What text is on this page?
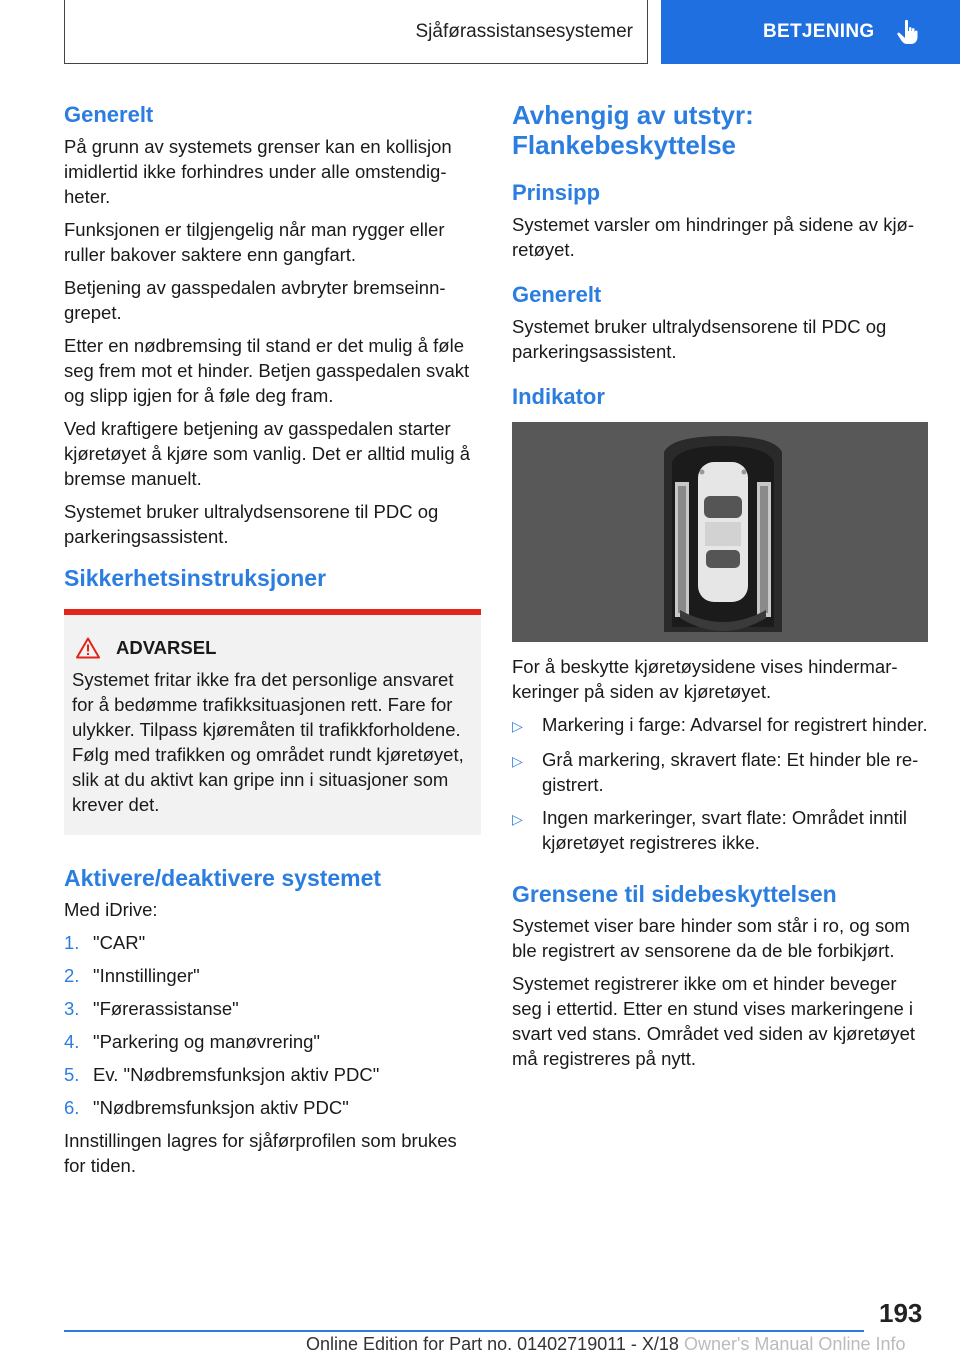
Sjåførassistansesystemer	BETJENING
Generelt

På grunn av systemets grenser kan en kollisjon imidlertid ikke forhindres under alle omstendigheter.

Funksjonen er tilgjengelig når man rygger eller ruller bakover saktere enn gangfart.

Betjening av gasspedalen avbryter bremseinngrepet.

Etter en nødbremsing til stand er det mulig å føle seg frem mot et hinder. Betjen gasspedalen svakt og slipp igjen for å føle deg fram.

Ved kraftigere betjening av gasspedalen starter kjøretøyet å kjøre som vanlig. Det er alltid mulig å bremse manuelt.

Systemet bruker ultralydsensorene til PDC og parkeringsassistent.

Sikkerhetsinstruksjoner
ADVARSEL

Systemet fritar ikke fra det personlige ansvaret for å bedømme trafikksituasjonen rett. Fare for ulykker. Tilpass kjøremåten til trafikkforholdene. Følg med trafikken og området rundt kjøretøyet, slik at du aktivt kan gripe inn i situasjoner som krever det.

Aktivere/deaktivere systemet

Med iDrive:

1. "CAR"
2. "Innstillinger"
3. "Førerassistanse"
4. "Parkering og manøvrering"
5. Ev. "Nødbremsfunksjon aktiv PDC"
6. "Nødbremsfunksjon aktiv PDC"

Innstillingen lagres for sjåførprofilen som brukes for tiden.

Avhengig av utstyr: Flankebeskyttelse
Prinsipp

Systemet varsler om hindringer på sidene av kjøretøyet.

Generelt

Systemet bruker ultralydsensorene til PDC og parkeringsassistent.

Indikator

For å beskytte kjøretøysidene vises hindermarkeringer på siden av kjøretøyet.

▷	Markering i farge: Advarsel for registrert hinder.
▷	Grå markering, skravert flate: Et hinder ble registrert.
▷	Ingen markeringer, svart flate: Området inntil kjøretøyet registreres ikke.
Grensene til sidebeskyttelsen

Systemet viser bare hinder som står i ro, og som ble registrert av sensorene da de ble forbikjørt.

Systemet registrerer ikke om et hinder beveger seg i ettertid. Etter en stund vises markeringene i svart ved stans. Området ved siden av kjøretøyet må registreres på nytt.

193
Online Edition for Part no. 01402719011 - X/18 Owner's Manual Online Info
